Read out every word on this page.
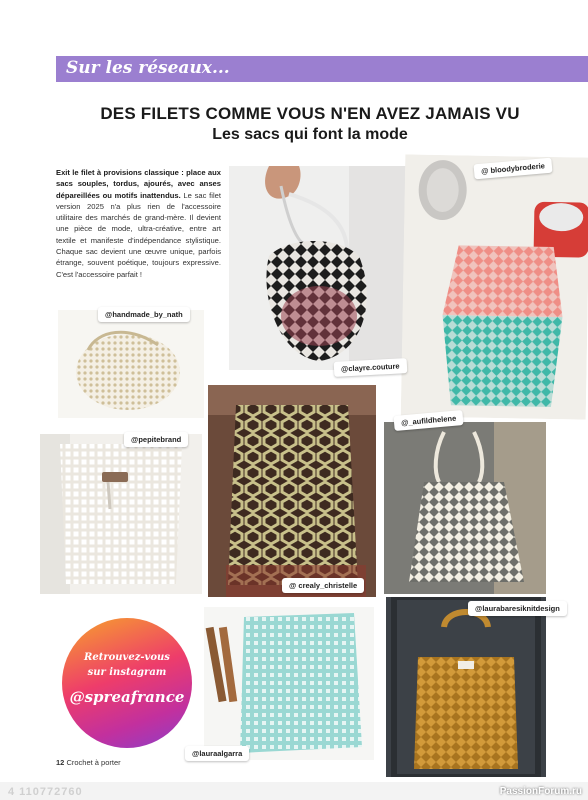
Sur les réseaux...
DES FILETS COMME VOUS N'EN AVEZ JAMAIS VU
Les sacs qui font la mode

Exit le filet à provisions classique : place aux sacs souples, tordus, ajourés, avec anses dépareillées ou motifs inattendus. Le sac filet version 2025 n'a plus rien de l'accessoire utilitaire des marchés de grand-mère. Il devient une pièce de mode, ultra-créative, entre art textile et manifeste d'indépendance stylistique. Chaque sac devient une œuvre unique, parfois étrange, souvent poétique, toujours expressive. C'est l'accessoire parfait !

@clayre.couture
@ bloodybroderie
@handmade_by_nath
@pepitebrand
@ crealy_christelle
@_aufildhelene
@lauraalgarra
@laurabaresiknitdesign
Retrouvez-vous
sur instagram
@spreafrance
12 Crochet à porter
4 110772760	PassionForum.ru
